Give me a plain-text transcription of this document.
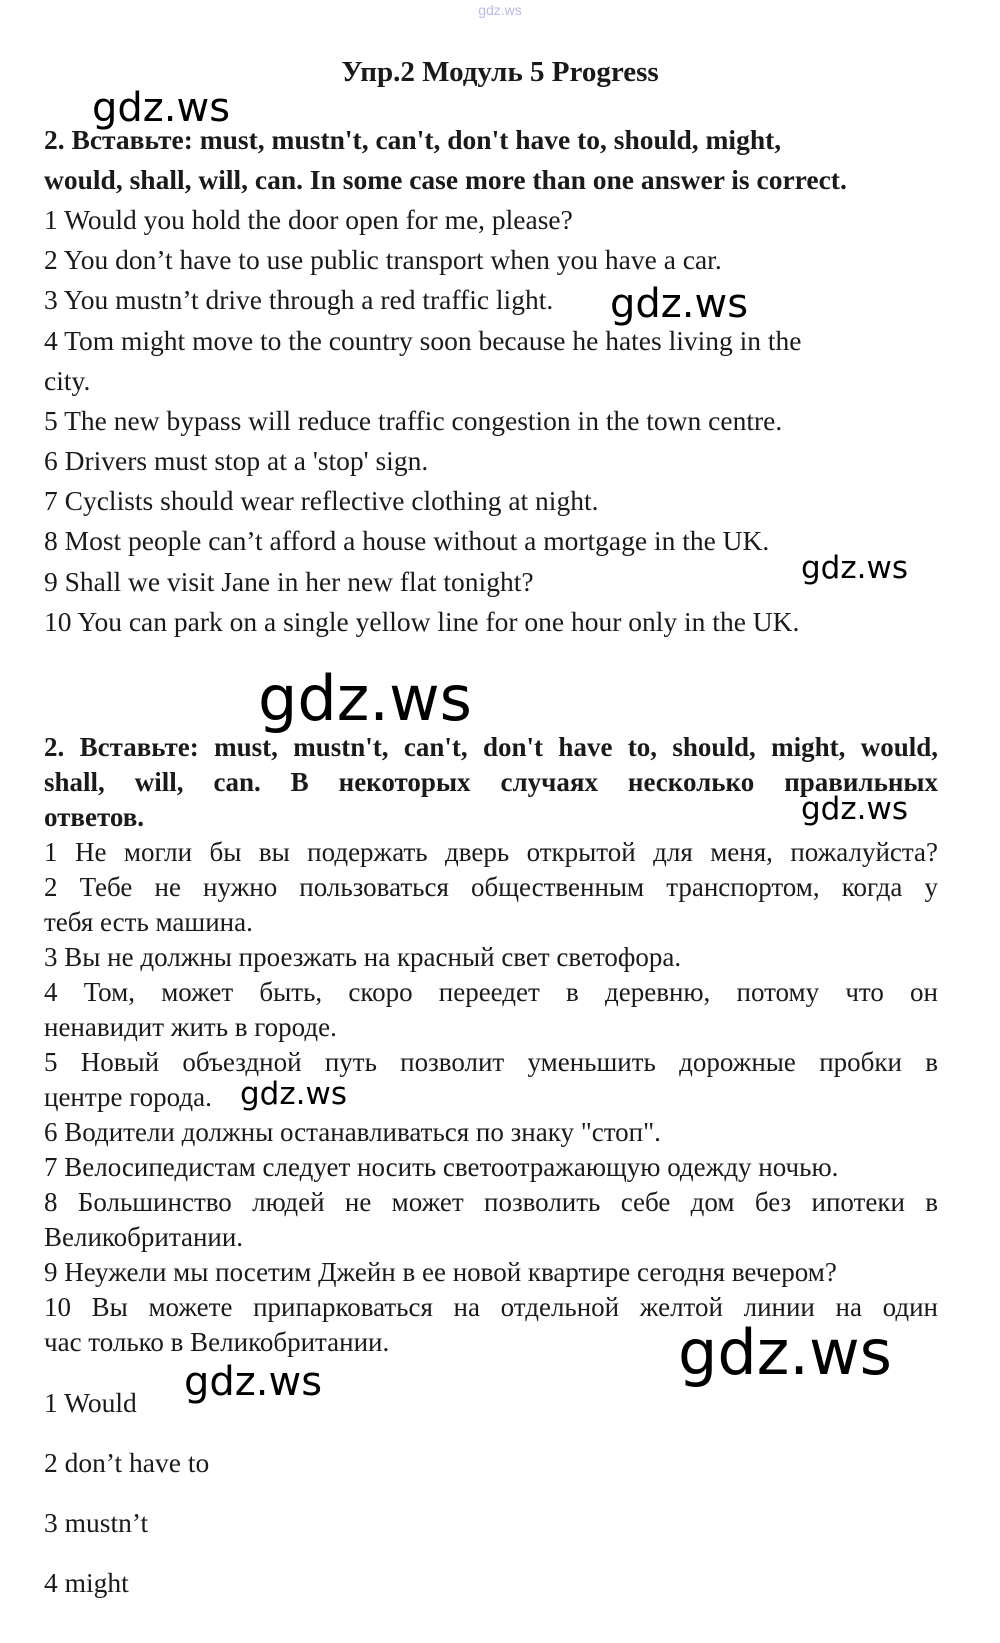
gdz.ws
Упр.2 Модуль 5 Progress
2. Вставьте: must, mustn't, can't, don't have to, should, might,
would, shall, will, can. In some case more than one answer is correct.
1 Would you hold the door open for me, please?
2 You don’t have to use public transport when you have a car.
3 You mustn’t drive through a red traffic light.
4 Tom might move to the country soon because he hates living in the
city.
5 The new bypass will reduce traffic congestion in the town centre.
6 Drivers must stop at a 'stop' sign.
7 Cyclists should wear reflective clothing at night.
8 Most people can’t afford a house without a mortgage in the UK.
9 Shall we visit Jane in her new flat tonight?
10 You can park on a single yellow line for one hour only in the UK.
2. Вставьте: must, mustn't, can't, don't have to, should, might, would,
shall, will, can. В некоторых случаях несколько правильных
ответов.
1 Не могли бы вы подержать дверь открытой для меня, пожалуйста?
2 Тебе не нужно пользоваться общественным транспортом, когда у
тебя есть машина.
3 Вы не должны проезжать на красный свет светофора.
4 Том, может быть, скоро переедет в деревню, потому что он
ненавидит жить в городе.
5 Новый объездной путь позволит уменьшить дорожные пробки в
центре города.
6 Водители должны останавливаться по знаку "стоп".
7 Велосипедистам следует носить светоотражающую одежду ночью.
8 Большинство людей не может позволить себе дом без ипотеки в
Великобритании.
9 Неужели мы посетим Джейн в ее новой квартире сегодня вечером?
10 Вы можете припарковаться на отдельной желтой линии на один
час только в Великобритании.
1 Would
2 don’t have to
3 mustn’t
4 might
gdz.ws
gdz.ws
gdz.ws
gdz.ws
gdz.ws
gdz.ws
gdz.ws
gdz.ws
